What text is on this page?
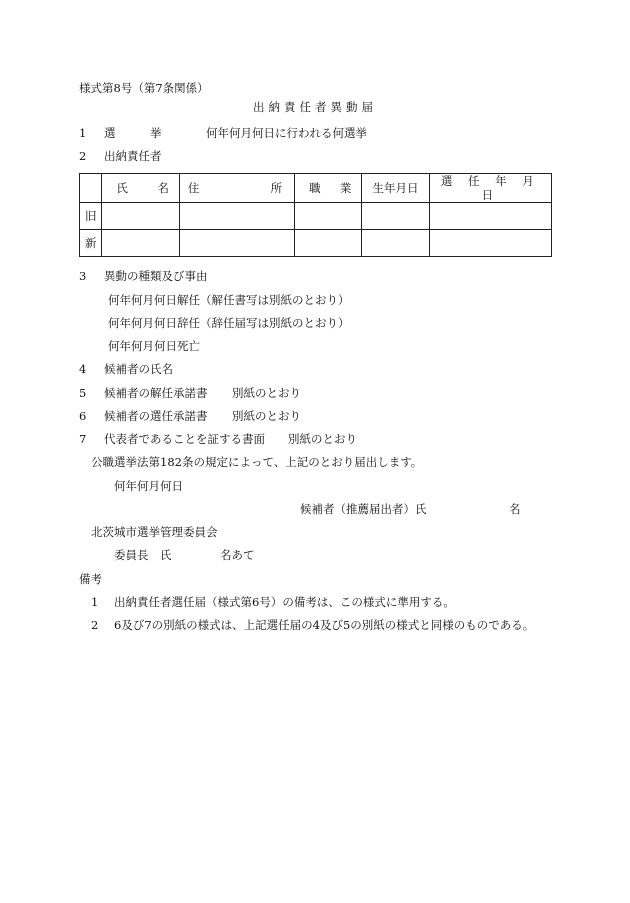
様式第8号（第7条関係）
出納責任者異動届
1 選　　　挙	何年何月何日に行われる何選挙
2 出納責任者

	氏 名	住 所	職 業	生年月日	選 任 年 月 日
旧					
新					
3 異動の種類及び事由
何年何月何日解任（解任書写は別紙のとおり）
何年何月何日辞任（辞任届写は別紙のとおり）
何年何月何日死亡
4 候補者の氏名
5 候補者の解任承諾書 別紙のとおり
6 候補者の選任承諾書 別紙のとおり
7 代表者であることを証する書面 別紙のとおり
公職選挙法第182条の規定によって、上記のとおり届出します。
何年何月何日
候補者（推薦届出者）氏	名
北茨城市選挙管理委員会
委員長　氏	名あて
備考
1 出納責任者選任届（様式第6号）の備考は、この様式に準用する。
2 6及び7の別紙の様式は、上記選任届の4及び5の別紙の様式と同様のものである。
